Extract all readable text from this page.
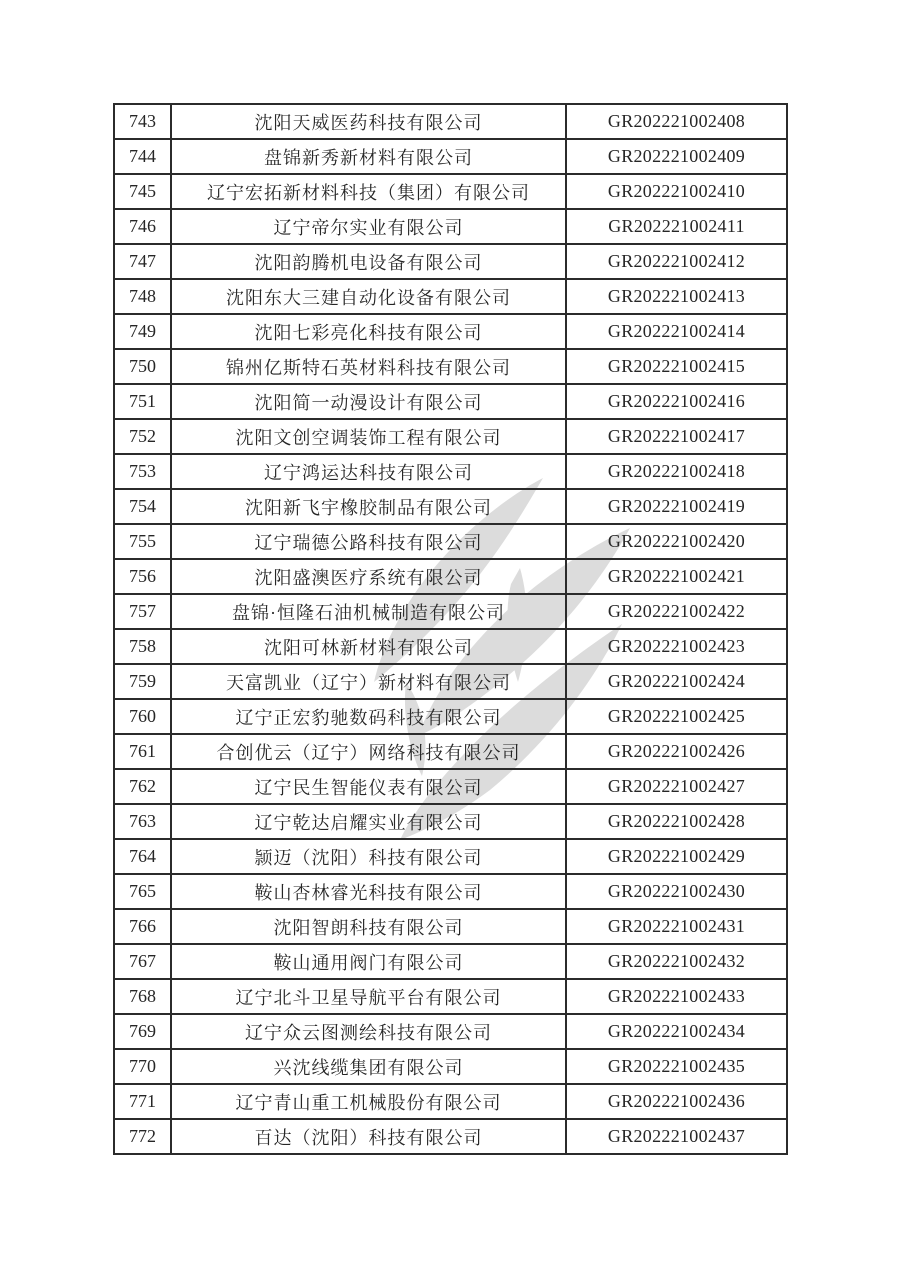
743	沈阳天威医药科技有限公司	GR202221002408
744	盘锦新秀新材料有限公司	GR202221002409
745	辽宁宏拓新材料科技（集团）有限公司	GR202221002410
746	辽宁帝尔实业有限公司	GR202221002411
747	沈阳韵腾机电设备有限公司	GR202221002412
748	沈阳东大三建自动化设备有限公司	GR202221002413
749	沈阳七彩亮化科技有限公司	GR202221002414
750	锦州亿斯特石英材料科技有限公司	GR202221002415
751	沈阳简一动漫设计有限公司	GR202221002416
752	沈阳文创空调装饰工程有限公司	GR202221002417
753	辽宁鸿运达科技有限公司	GR202221002418
754	沈阳新飞宇橡胶制品有限公司	GR202221002419
755	辽宁瑞德公路科技有限公司	GR202221002420
756	沈阳盛澳医疗系统有限公司	GR202221002421
757	盘锦·恒隆石油机械制造有限公司	GR202221002422
758	沈阳可林新材料有限公司	GR202221002423
759	天富凯业（辽宁）新材料有限公司	GR202221002424
760	辽宁正宏豹驰数码科技有限公司	GR202221002425
761	合创优云（辽宁）网络科技有限公司	GR202221002426
762	辽宁民生智能仪表有限公司	GR202221002427
763	辽宁乾达启耀实业有限公司	GR202221002428
764	颕迈（沈阳）科技有限公司	GR202221002429
765	鞍山杏林睿光科技有限公司	GR202221002430
766	沈阳智朗科技有限公司	GR202221002431
767	鞍山通用阀门有限公司	GR202221002432
768	辽宁北斗卫星导航平台有限公司	GR202221002433
769	辽宁众云图测绘科技有限公司	GR202221002434
770	兴沈线缆集团有限公司	GR202221002435
771	辽宁青山重工机械股份有限公司	GR202221002436
772	百达（沈阳）科技有限公司	GR202221002437
